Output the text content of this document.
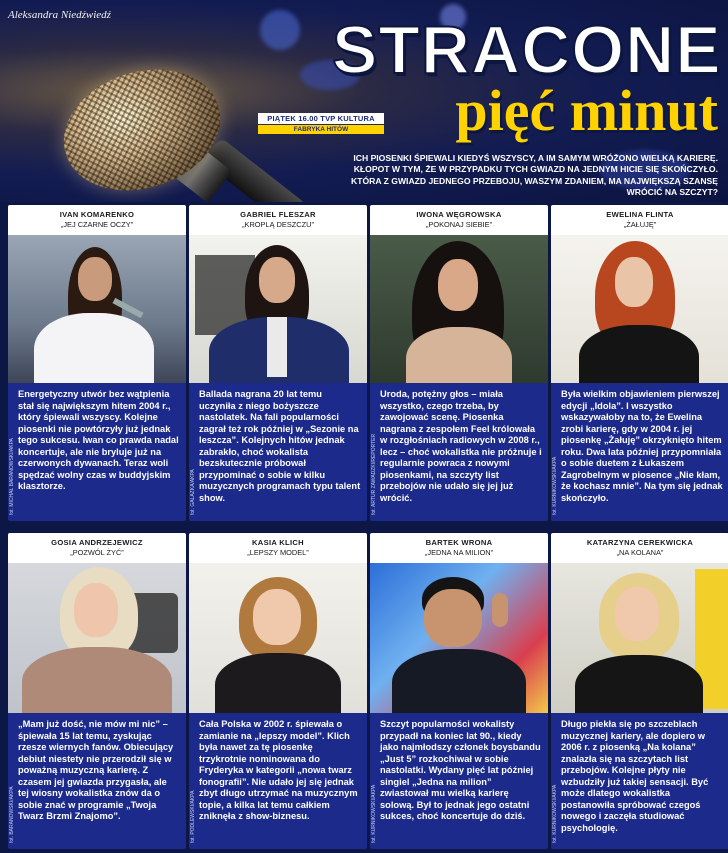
Aleksandra Niedźwiedź	STRACONE
pięć minut
PIĄTEK 16.00 TVP KULTURA
FABRYKA HITÓW

ICH PIOSENKI ŚPIEWALI KIEDYŚ WSZYSCY, A IM SAMYM WRÓŻONO WIELKĄ KARIERĘ. KŁOPOT W TYM, ŻE W PRZYPADKU TYCH GWIAZD NA JEDNYM HICIE SIĘ SKOŃCZYŁO. KTÓRA Z GWIAZD JEDNEGO PRZEBOJU, WASZYM ZDANIEM, MA NAJWIĘKSZĄ SZANSĘ WRÓCIĆ NA SZCZYT?

IVAN KOMARENKO
„JEJ CZARNE OCZY”

Energetyczny utwór bez wątpienia stał się największym hitem 2004 r., który śpiewali wszyscy. Kolejne piosenki nie powtórzyły już jednak tego sukcesu. Iwan co prawda nadal koncertuje, ale nie bryluje już na czerwonych dywanach. Teraz woli spędzać wolny czas w buddyjskim klasztorze.

fot. MICHAŁ BARANOWSKI/AKPA
GABRIEL FLESZAR
„KROPLĄ DESZCZU”

Ballada nagrana 20 lat temu uczyniła z niego bożyszcze nastolatek. Na fali popularności zagrał też rok później w „Sezonie na leszcza”. Kolejnych hitów jednak zabrakło, choć wokalista bezskutecznie próbował przypominać o sobie w kilku muzycznych programach typu talent show.

fot. GALAZKA/AKPA
IWONA WĘGROWSKA
„POKONAJ SIEBIE”

Uroda, potężny głos – miała wszystko, czego trzeba, by zawojować scenę. Piosenka nagrana z zespołem Feel królowała w rozgłośniach radiowych w 2008 r., lecz – choć wokalistka nie próżnuje i regularnie powraca z nowymi piosenkami, na szczyty list przebojów nie udało się jej już wrócić.

fot. ARTUR ZAWADZKI/REPORTER
EWELINA FLINTA
„ŻAŁUJĘ”

Była wielkim objawieniem pierwszej edycji „Idola”. I wszystko wskazywałoby na to, że Ewelina zrobi karierę, gdy w 2004 r. jej piosenkę „Żałuję” okrzyknięto hitem roku. Dwa lata później przypomniała o sobie duetem z Łukaszem Zagrobelnym w piosence „Nie kłam, że kochasz mnie”. Na tym się jednak skończyło.

fot. KURNIKOWSKI/AKPA
GOSIA ANDRZEJEWICZ
„POZWÓL ŻYĆ”

„Mam już dość, nie mów mi nic” – śpiewała 15 lat temu, zyskując rzesze wiernych fanów. Obiecujący debiut niestety nie przerodził się w poważną muzyczną karierę. Z czasem jej gwiazda przygasła, ale tej wiosny wokalistka znów da o sobie znać w programie „Twoja Twarz Brzmi Znajomo”.

fot. BARANOWSKI/AKPA
KASIA KLICH
„LEPSZY MODEL”

Cała Polska w 2002 r. śpiewała o zamianie na „lepszy model”. Klich była nawet za tę piosenkę trzykrotnie nominowana do Fryderyka w kategorii „nowa twarz fonografii”. Nie udało jej się jednak zbyt długo utrzymać na muzycznym topie, a kilka lat temu całkiem zniknęła z show-biznesu.

fot. PODLEWSKI/AKPA
BARTEK WRONA
„JEDNA NA MILION”

Szczyt popularności wokalisty przypadł na koniec lat 90., kiedy jako najmłodszy członek boysbandu „Just 5” rozkochiwał w sobie nastolatki. Wydany pięć lat później singiel „Jedna na milion” zwiastował mu wielką karierę solową. Był to jednak jego ostatni sukces, choć koncertuje do dziś.

fot. KURNIKOWSKI/AKPA
KATARZYNA CEREKWICKA
„NA KOLANA”

Długo piekła się po szczeblach muzycznej kariery, ale dopiero w 2006 r. z piosenką „Na kolana” znalazła się na szczytach list przebojów. Kolejne płyty nie wzbudziły już takiej sensacji. Być może dlatego wokalistka postanowiła spróbować czegoś nowego i zaczęła studiować psychologię.

fot. KURNIKOWSKI/AKPA
